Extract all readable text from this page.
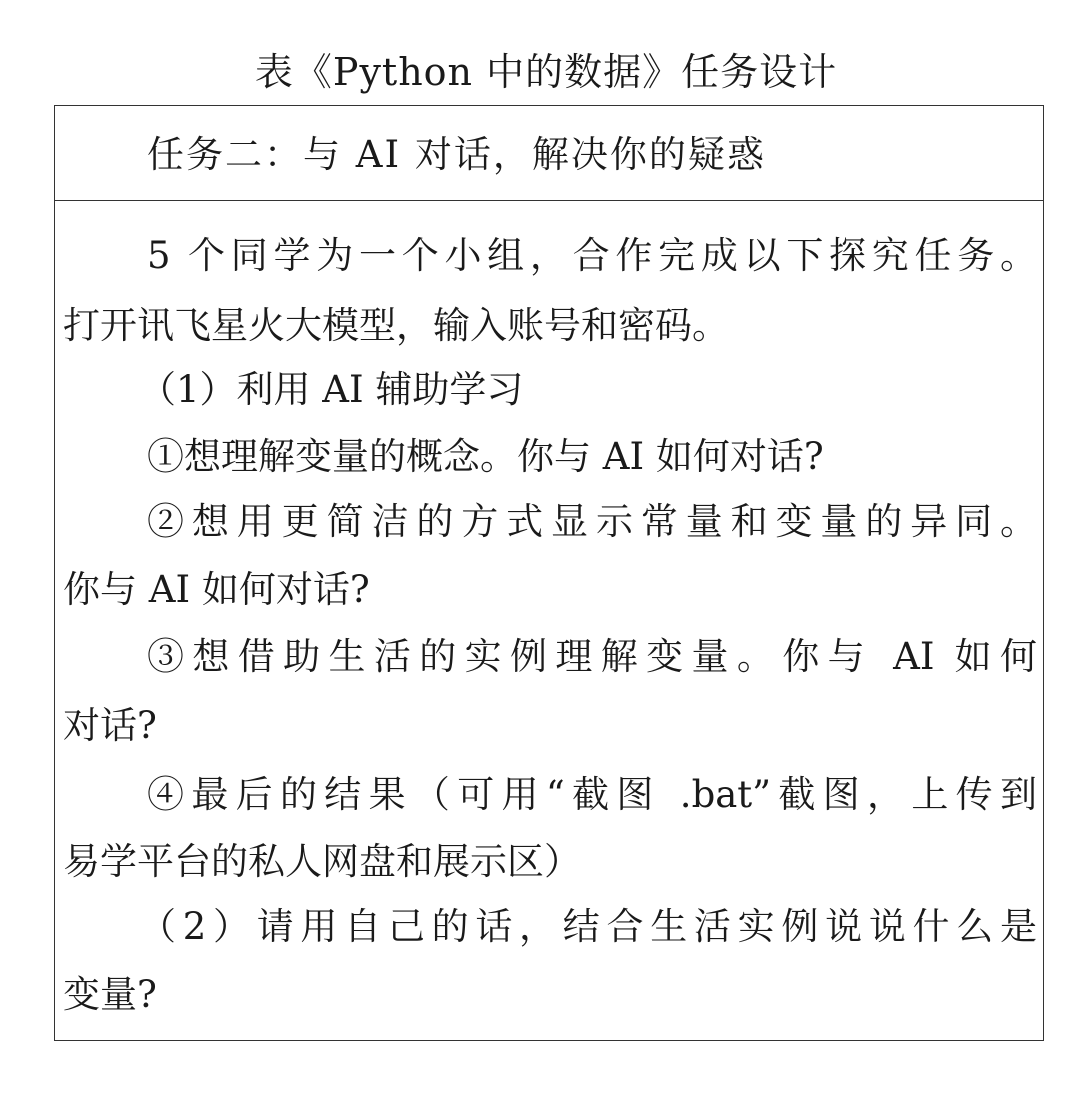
表《Python 中的数据》任务设计
任务二：与 AI 对话，解决你的疑惑
5 个同学为一个小组，合作完成以下探究任务。
打开讯飞星火大模型，输入账号和密码。
（1）利用 AI 辅助学习
①想理解变量的概念。你与 AI 如何对话?
②想用更简洁的方式显示常量和变量的异同。
你与 AI 如何对话?
③想借助生活的实例理解变量。你与 AI 如何
对话?
④最后的结果（可用“截图 .bat”截图，上传到
易学平台的私人网盘和展示区）
（2）请用自己的话，结合生活实例说说什么是
变量?
